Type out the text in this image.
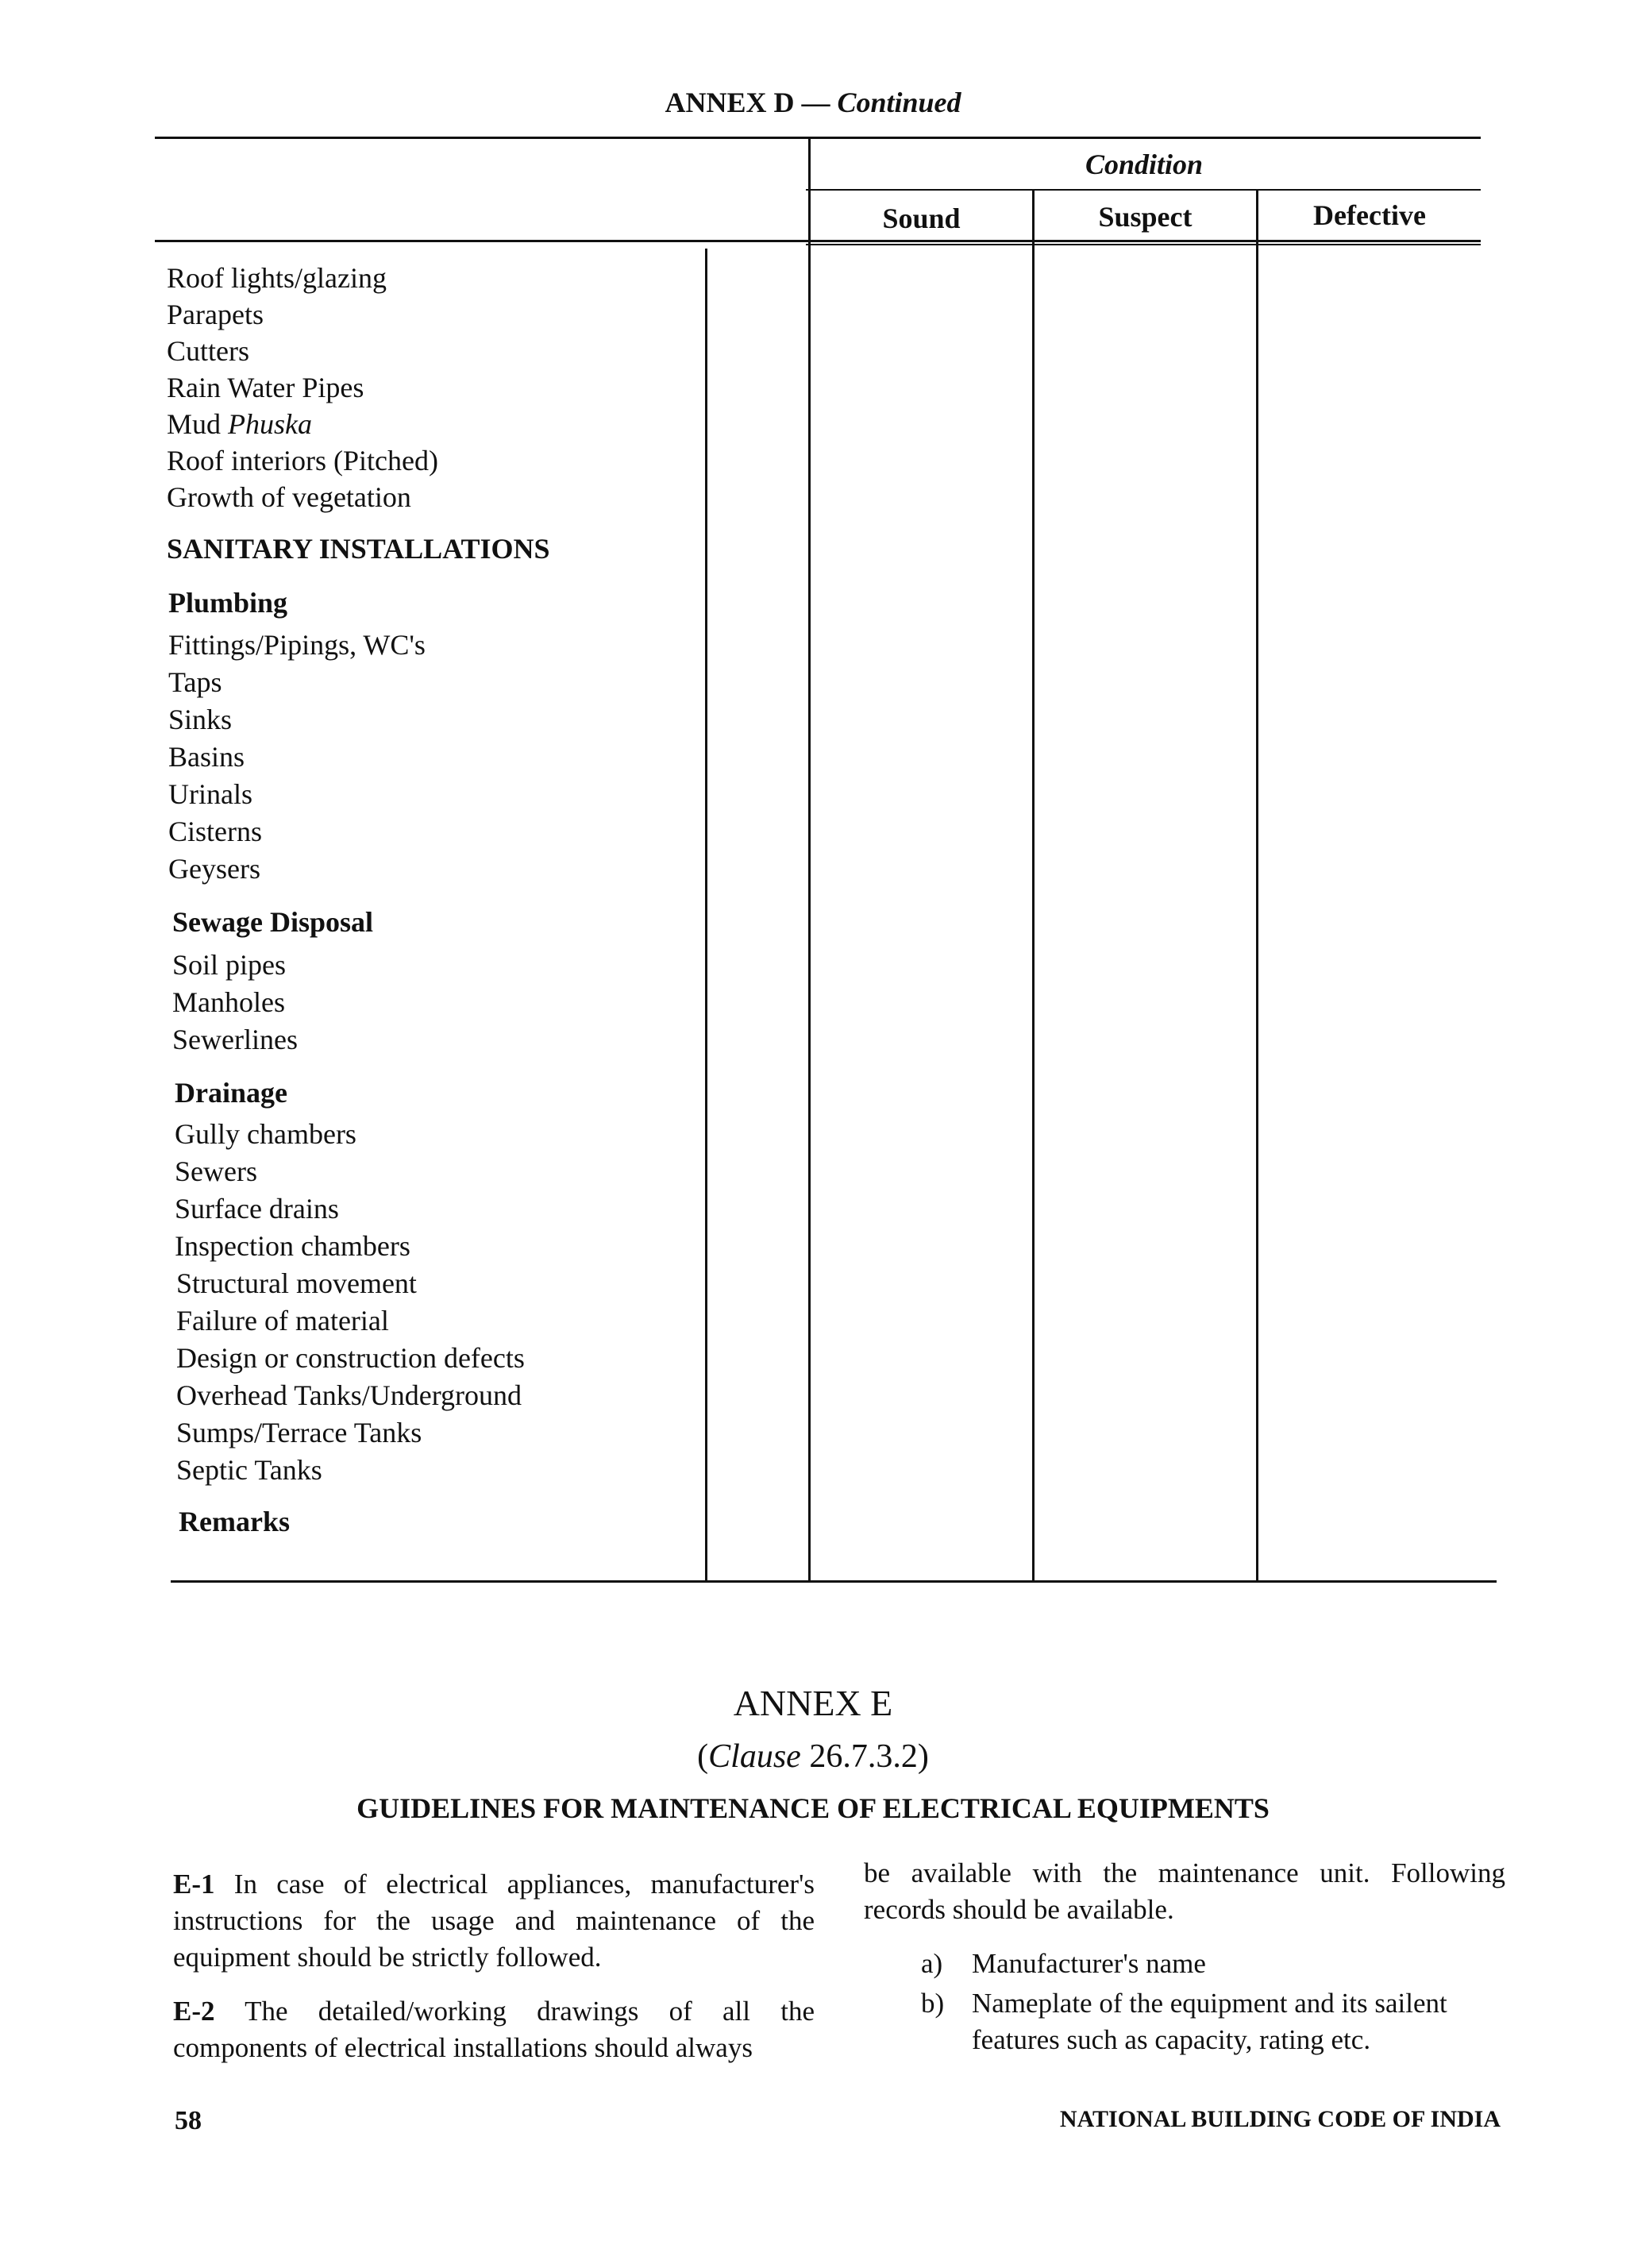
ANNEX D — Continued
Condition
Sound	Suspect	Defective
Roof lights/glazing
Parapets
Cutters
Rain Water Pipes
Mud Phuska
Roof interiors (Pitched)
Growth of vegetation
SANITARY INSTALLATIONS
Plumbing
Fittings/Pipings, WC's
Taps
Sinks
Basins
Urinals
Cisterns
Geysers
Sewage Disposal
Soil pipes
Manholes
Sewerlines
Drainage
Gully chambers
Sewers
Surface drains
Inspection chambers
Structural movement
Failure of material
Design or construction defects
Overhead Tanks/Underground
Sumps/Terrace Tanks
Septic Tanks
Remarks
ANNEX E
(Clause 26.7.3.2)
GUIDELINES FOR MAINTENANCE OF ELECTRICAL EQUIPMENTS
E-1 In case of electrical appliances, manufacturer's instructions for the usage and maintenance of the equipment should be strictly followed.
E-2 The detailed/working drawings of all the components of electrical installations should always
be available with the maintenance unit. Following records should be available.
a) Manufacturer's name
b) Nameplate of the equipment and its sailent features such as capacity, rating etc.
58	NATIONAL BUILDING CODE OF INDIA
